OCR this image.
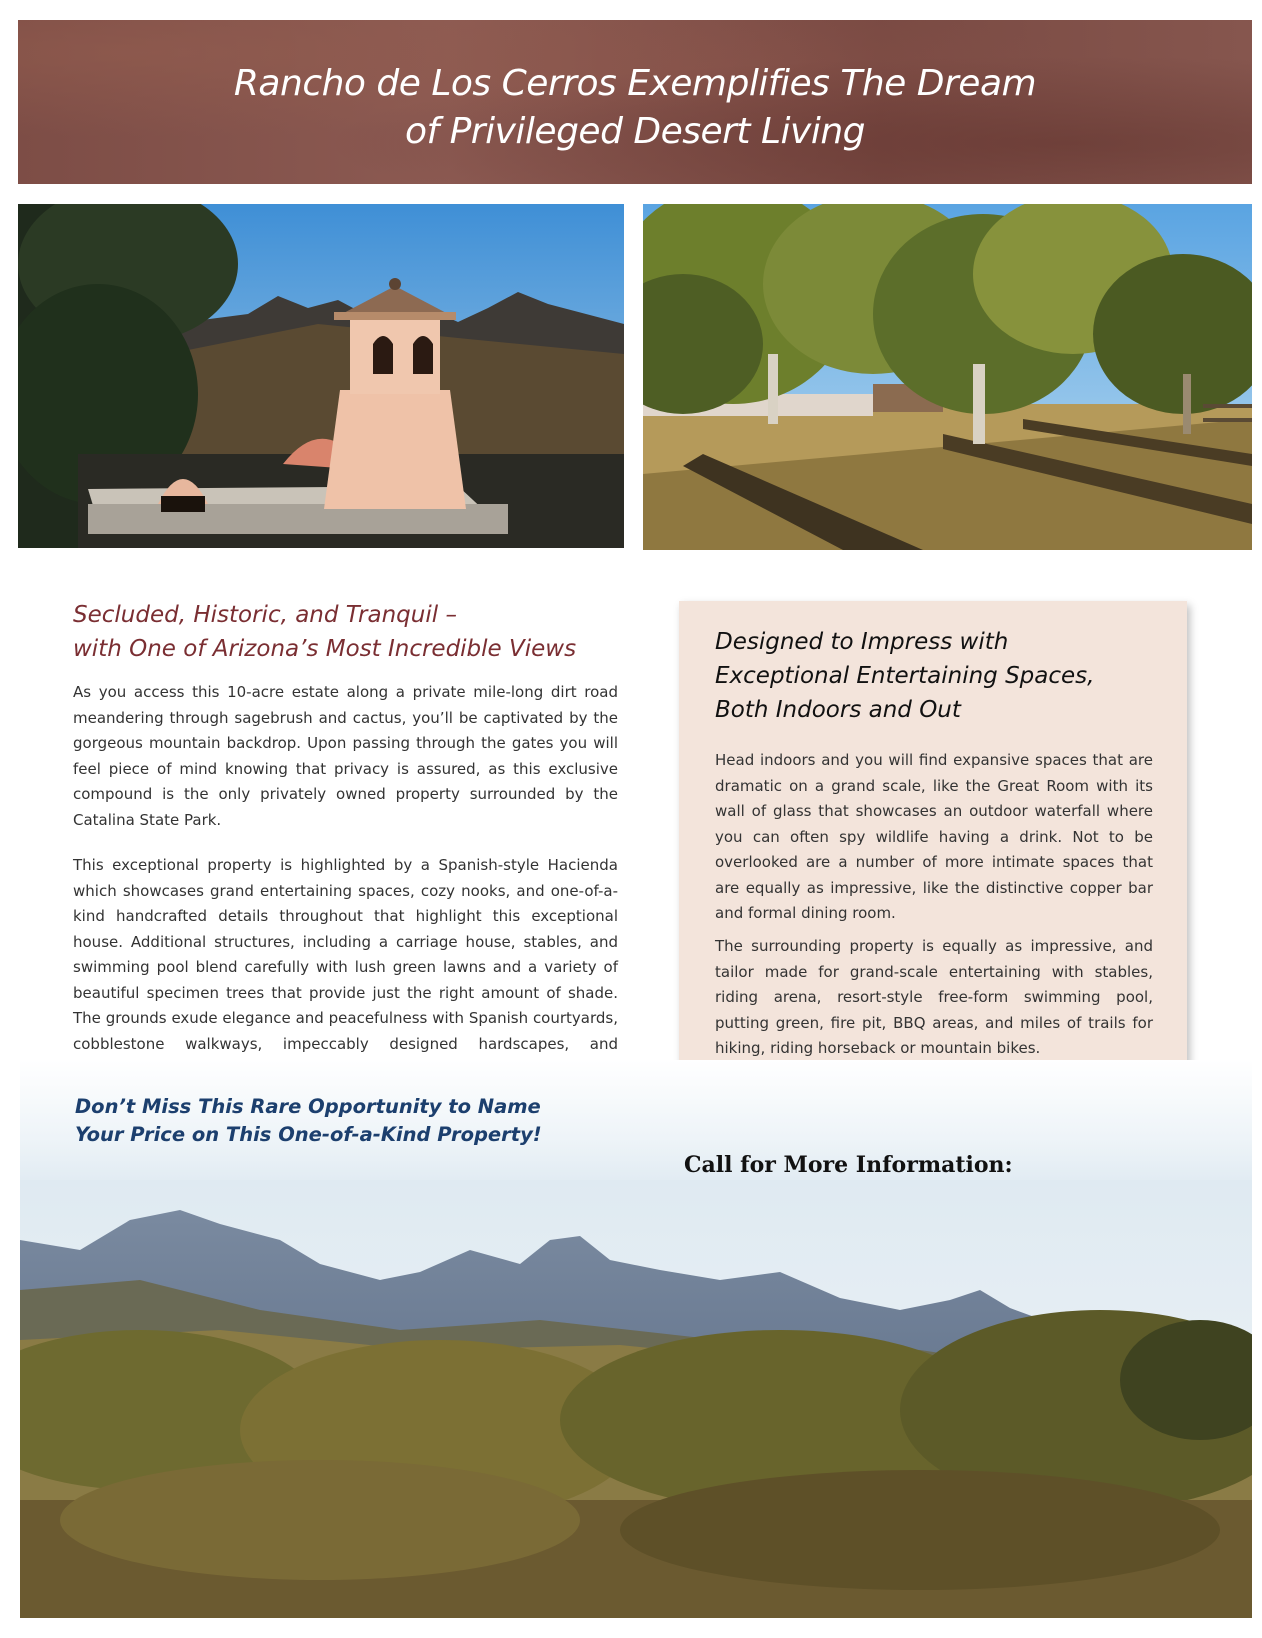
Rancho de Los Cerros Exemplifies The Dream
of Privileged Desert Living
Secluded, Historic, and Tranquil –
with One of Arizona’s Most Incredible Views

As you access this 10-acre estate along a private mile-long dirt road meandering through sagebrush and cactus, you’ll be captivated by the gorgeous mountain backdrop. Upon passing through the gates you will feel piece of mind knowing that privacy is assured, as this exclusive compound is the only privately owned property surrounded by the Catalina State Park.

This exceptional property is highlighted by a Spanish-style Hacienda which showcases grand entertaining spaces, cozy nooks, and one-of-a-kind handcrafted details throughout that highlight this exceptional house. Additional structures, including a carriage house, stables, and swimming pool blend carefully with lush green lawns and a variety of beautiful specimen trees that provide just the right amount of shade. The grounds exude elegance and peacefulness with Spanish courtyards, cobblestone walkways, impeccably designed hardscapes, and

Designed to Impress with
Exceptional Entertaining Spaces,
Both Indoors and Out

Head indoors and you will find expansive spaces that are dramatic on a grand scale, like the Great Room with its wall of glass that showcases an outdoor waterfall where you can often spy wildlife having a drink. Not to be overlooked are a number of more intimate spaces that are equally as impressive, like the distinctive copper bar and formal dining room.

The surrounding property is equally as impressive, and tailor made for grand-scale entertaining with stables, riding arena, resort-style free-form swimming pool, putting green, fire pit, BBQ areas, and miles of trails for hiking, riding horseback or mountain bikes.

Don’t Miss This Rare Opportunity to Name
Your Price on This One-of-a-Kind Property!

Call for More Information:
